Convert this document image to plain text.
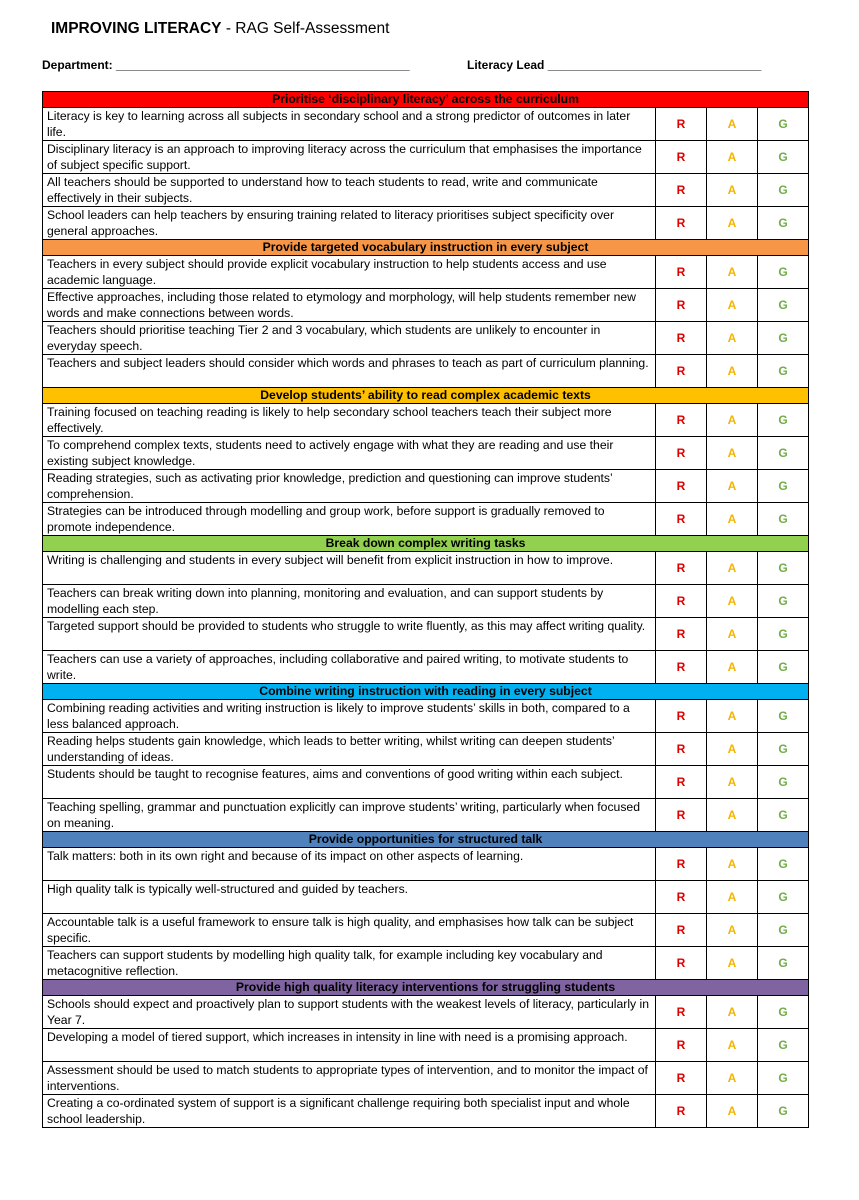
IMPROVING LITERACY - RAG Self-Assessment
Department: ____________________________________________	Literacy Lead ________________________________
Prioritise ‘disciplinary literacy’ across the curriculum			
Literacy is key to learning across all subjects in secondary school and a strong predictor of outcomes in later life.	R	A	G
Disciplinary literacy is an approach to improving literacy across the curriculum that emphasises the importance of subject specific support.	R	A	G
All teachers should be supported to understand how to teach students to read, write and communicate effectively in their subjects.	R	A	G
School leaders can help teachers by ensuring training related to literacy prioritises subject specificity over general approaches.	R	A	G
Provide targeted vocabulary instruction in every subject			
Teachers in every subject should provide explicit vocabulary instruction to help students access and use academic language.	R	A	G
Effective approaches, including those related to etymology and morphology, will help students remember new words and make connections between words.	R	A	G
Teachers should prioritise teaching Tier 2 and 3 vocabulary, which students are unlikely to encounter in everyday speech.	R	A	G
Teachers and subject leaders should consider which words and phrases to teach as part of curriculum planning.	R	A	G
Develop students’ ability to read complex academic texts			
Training focused on teaching reading is likely to help secondary school teachers teach their subject more effectively.	R	A	G
To comprehend complex texts, students need to actively engage with what they are reading and use their existing subject knowledge.	R	A	G
Reading strategies, such as activating prior knowledge, prediction and questioning can improve students’ comprehension.	R	A	G
Strategies can be introduced through modelling and group work, before support is gradually removed to promote independence.	R	A	G
Break down complex writing tasks			
Writing is challenging and students in every subject will benefit from explicit instruction in how to improve.	R	A	G
Teachers can break writing down into planning, monitoring and evaluation, and can support students by modelling each step.	R	A	G
Targeted support should be provided to students who struggle to write fluently, as this may affect writing quality.	R	A	G
Teachers can use a variety of approaches, including collaborative and paired writing, to motivate students to write.	R	A	G
Combine writing instruction with reading in every subject			
Combining reading activities and writing instruction is likely to improve students’ skills in both, compared to a less balanced approach.	R	A	G
Reading helps students gain knowledge, which leads to better writing, whilst writing can deepen students’ understanding of ideas.	R	A	G
Students should be taught to recognise features, aims and conventions of good writing within each subject.	R	A	G
Teaching spelling, grammar and punctuation explicitly can improve students’ writing, particularly when focused on meaning.	R	A	G
Provide opportunities for structured talk			
Talk matters: both in its own right and because of its impact on other aspects of learning.	R	A	G
High quality talk is typically well-structured and guided by teachers.	R	A	G
Accountable talk is a useful framework to ensure talk is high quality, and emphasises how talk can be subject specific.	R	A	G
Teachers can support students by modelling high quality talk, for example including key vocabulary and metacognitive reflection.	R	A	G
Provide high quality literacy interventions for struggling students			
Schools should expect and proactively plan to support students with the weakest levels of literacy, particularly in Year 7.	R	A	G
Developing a model of tiered support, which increases in intensity in line with need is a promising approach.	R	A	G
Assessment should be used to match students to appropriate types of intervention, and to monitor the impact of interventions.	R	A	G
Creating a co-ordinated system of support is a significant challenge requiring both specialist input and whole school leadership.	R	A	G
